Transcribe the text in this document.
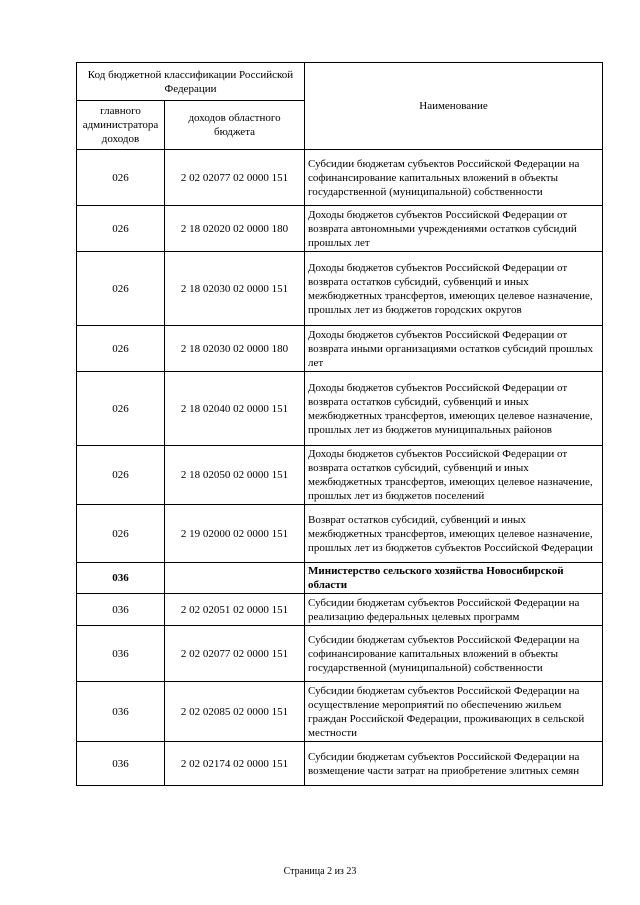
Код бюджетной классификации Российской Федерации		Наименование
главного администратора доходов	доходов областного бюджета	
026	2 02 02077 02 0000 151	Субсидии бюджетам субъектов Российской Федерации на софинансирование капитальных вложений в объекты государственной (муниципальной) собственности
026	2 18 02020 02 0000 180	Доходы бюджетов субъектов Российской Федерации от возврата автономными учреждениями остатков субсидий прошлых лет
026	2 18 02030 02 0000 151	Доходы бюджетов субъектов Российской Федерации от возврата остатков субсидий, субвенций и иных межбюджетных трансфертов, имеющих целевое назначение, прошлых лет из бюджетов городских округов
026	2 18 02030 02 0000 180	Доходы бюджетов субъектов Российской Федерации от возврата иными организациями остатков субсидий прошлых лет
026	2 18 02040 02 0000 151	Доходы бюджетов субъектов Российской Федерации от возврата остатков субсидий, субвенций и иных межбюджетных трансфертов, имеющих целевое назначение, прошлых лет из бюджетов муниципальных районов
026	2 18 02050 02 0000 151	Доходы бюджетов субъектов Российской Федерации от возврата остатков субсидий, субвенций и иных межбюджетных трансфертов, имеющих целевое назначение, прошлых лет из бюджетов поселений
026	2 19 02000 02 0000 151	Возврат остатков субсидий, субвенций и иных межбюджетных трансфертов, имеющих целевое назначение, прошлых лет из бюджетов субъектов Российской Федерации
036		Министерство сельского хозяйства Новосибирской области
036	2 02 02051 02 0000 151	Субсидии бюджетам субъектов Российской Федерации на реализацию федеральных целевых программ
036	2 02 02077 02 0000 151	Субсидии бюджетам субъектов Российской Федерации на софинансирование капитальных вложений в объекты государственной (муниципальной) собственности
036	2 02 02085 02 0000 151	Субсидии бюджетам субъектов Российской Федерации на осуществление мероприятий по обеспечению жильем граждан Российской Федерации, проживающих в сельской местности
036	2 02 02174 02 0000 151	Субсидии бюджетам субъектов Российской Федерации на возмещение части затрат на приобретение элитных семян
Страница 2 из 23
